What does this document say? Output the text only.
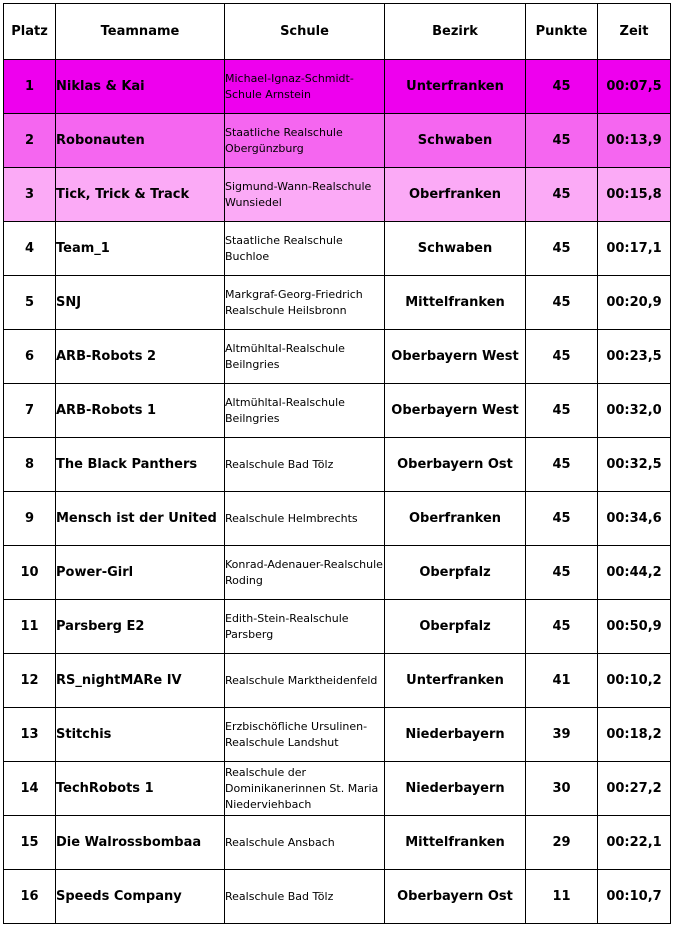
Platz	Teamname	Schule	Bezirk	Punkte	Zeit
1	Niklas & Kai	Michael-Ignaz-Schmidt-Schule Arnstein	Unterfranken	45	00:07,5
2	Robonauten	Staatliche Realschule Obergünzburg	Schwaben	45	00:13,9
3	Tick, Trick & Track	Sigmund-Wann-Realschule Wunsiedel	Oberfranken	45	00:15,8
4	Team_1	Staatliche Realschule Buchloe	Schwaben	45	00:17,1
5	SNJ	Markgraf-Georg-Friedrich Realschule Heilsbronn	Mittelfranken	45	00:20,9
6	ARB-Robots 2	Altmühltal-Realschule Beilngries	Oberbayern West	45	00:23,5
7	ARB-Robots 1	Altmühltal-Realschule Beilngries	Oberbayern West	45	00:32,0
8	The Black Panthers	Realschule Bad Tölz	Oberbayern Ost	45	00:32,5
9	Mensch ist der United	Realschule Helmbrechts	Oberfranken	45	00:34,6
10	Power-Girl	Konrad-Adenauer-Realschule Roding	Oberpfalz	45	00:44,2
11	Parsberg E2	Edith-Stein-Realschule Parsberg	Oberpfalz	45	00:50,9
12	RS_nightMARe IV	Realschule Marktheidenfeld	Unterfranken	41	00:10,2
13	Stitchis	Erzbischöfliche Ursulinen-Realschule Landshut	Niederbayern	39	00:18,2
14	TechRobots 1	Realschule der Dominikanerinnen St. Maria Niederviehbach	Niederbayern	30	00:27,2
15	Die Walrossbombaa	Realschule Ansbach	Mittelfranken	29	00:22,1
16	Speeds Company	Realschule Bad Tölz	Oberbayern Ost	11	00:10,7
